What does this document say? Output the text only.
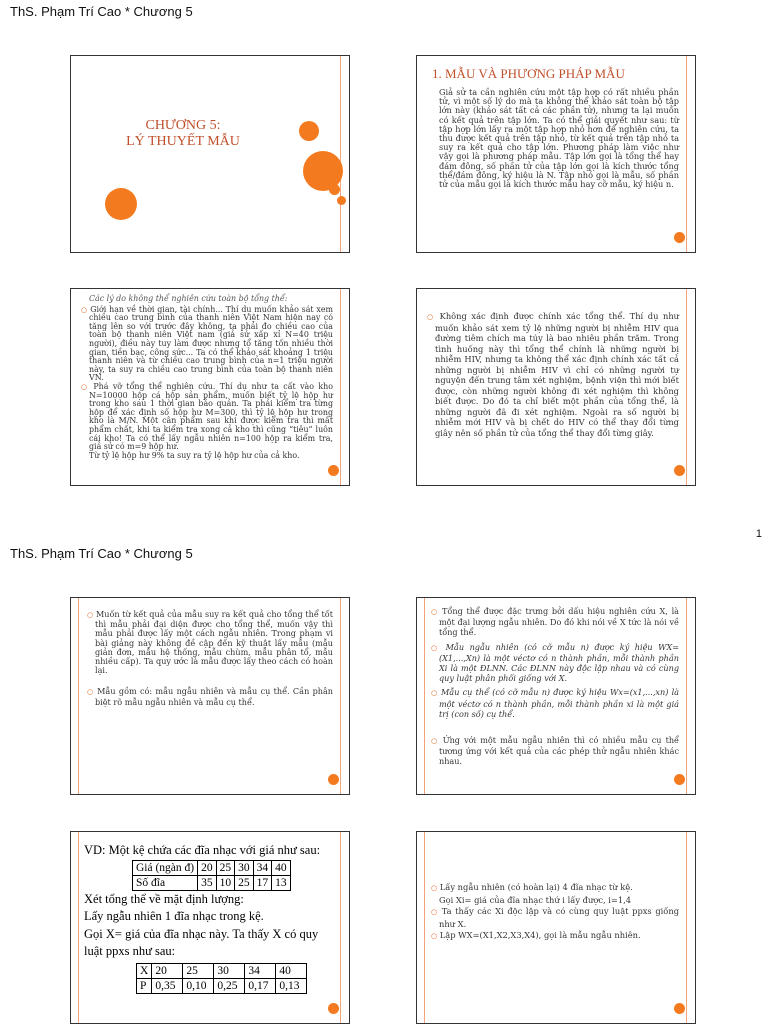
ThS. Phạm Trí Cao * Chương 5
CHƯƠNG 5:
LÝ THUYẾT MẪU
1. MẪU VÀ PHƯƠNG PHÁP MẪU
Giả sử ta cần nghiên cứu một tập hợp có rất nhiều phần tử, vì một số lý do mà ta không thể khảo sát toàn bộ tập lớn này (khảo sát tất cả các phần tử), nhưng ta lại muốn có kết quả trên tập lớn. Ta có thể giải quyết như sau: từ tập hợp lớn lấy ra một tập hợp nhỏ hơn để nghiên cứu, ta thu được kết quả trên tập nhỏ, từ kết quả trên tập nhỏ ta suy ra kết quả cho tập lớn. Phương pháp làm việc như vậy gọi là phương pháp mẫu. Tập lớn gọi là tổng thể hay đám đông, số phần tử của tập lớn gọi là kích thước tổng thể/đám đông, ký hiệu là N. Tập nhỏ gọi là mẫu, số phần tử của mẫu gọi là kích thước mẫu hay cỡ mẫu, ký hiệu n.

Các lý do không thể nghiên cứu toàn bộ tổng thể:

○ Giới hạn về thời gian, tài chính... Thí dụ muốn khảo sát xem chiều cao trung bình của thanh niên Việt Nam hiện nay có tăng lên so với trước đây không, ta phải đo chiều cao của toàn bộ thanh niên Việt nam (giả sử xấp xỉ N=40 triệu người), điều này tuy làm được nhưng tổ tăng tốn nhiều thời gian, tiền bạc, công sức... Ta có thể khảo sát khoảng 1 triệu thanh niên và từ chiều cao trung bình của n=1 triệu người này, ta suy ra chiều cao trung bình của toàn bộ thanh niên VN.

○ Phá vỡ tổng thể nghiên cứu. Thí dụ như ta cất vào kho N=10000 hộp cá hộp sản phẩm, muốn biết tỷ lệ hộp hư trong kho sau 1 thời gian bảo quản. Ta phải kiểm tra từng hộp để xác định số hộp hư M=300, thì tỷ lệ hộp hư trong kho là M/N. Một cân phẩm sau khi được kiểm tra thì mất phẩm chất, khi ta kiểm tra xong cả kho thì cũng “tiêu” luôn cái kho! Ta có thể lấy ngẫu nhiên n=100 hộp ra kiểm tra, giả sử có m=9 hộp hư.

Từ tỷ lệ hộp hư 9% ta suy ra tỷ lệ hộp hư của cả kho.

○ Không xác định được chính xác tổng thể. Thí dụ như muốn khảo sát xem tỷ lệ những người bị nhiễm HIV qua đường tiêm chích ma túy là bao nhiêu phần trăm. Trong tình huống này thì tổng thể chính là những người bị nhiễm HIV, nhưng ta không thể xác định chính xác tất cả những người bị nhiễm HIV vì chỉ có những người tự nguyện đến trung tâm xét nghiệm, bệnh viện thì mới biết được, còn những người không đi xét nghiệm thì không biết được. Do đó ta chỉ biết một phần của tổng thể, là những người đã đi xét nghiệm. Ngoài ra số người bị nhiễm mới HIV và bị chết do HIV có thể thay đổi từng giây nên số phần tử của tổng thể thay đổi từng giây.

1
ThS. Phạm Trí Cao * Chương 5

○ Muốn từ kết quả của mẫu suy ra kết quả cho tổng thể tốt thì mẫu phải đại diện được cho tổng thể, muốn vậy thì mẫu phải được lấy một cách ngẫu nhiên. Trong phạm vi bài giảng này không đề cập đến kỹ thuật lấy mẫu (mẫu giản đơn, mẫu hệ thống, mẫu chùm, mẫu phân tổ, mẫu nhiều cấp). Ta quy ước là mẫu được lấy theo cách có hoàn lại.

○ Mẫu gồm có: mẫu ngẫu nhiên và mẫu cụ thể. Cần phân biệt rõ mẫu ngẫu nhiên và mẫu cụ thể.

○ Tổng thể được đặc trưng bởi dấu hiệu nghiên cứu X, là một đại lượng ngẫu nhiên. Do đó khi nói về X tức là nói về tổng thể.

○ Mẫu ngẫu nhiên (có cỡ mẫu n) được ký hiệu WX=(X1,...,Xn) là một véctơ có n thành phần, mỗi thành phần Xi là một ĐLNN. Các ĐLNN này độc lập nhau và có cùng quy luật phân phối giống với X.

○ Mẫu cụ thể (có cỡ mẫu n) được ký hiệu Wx=(x1,...,xn) là một véctơ có n thành phần, mỗi thành phần xi là một giá trị (con số) cụ thể.

○ Ứng với một mẫu ngẫu nhiên thì có nhiều mẫu cụ thể tương ứng với kết quả của các phép thử ngẫu nhiên khác nhau.

VD: Một kệ chứa các đĩa nhạc với giá như sau:
Giá (ngàn đ)	20	25	30	34	40
Số đĩa	35	10	25	17	13
Xét tổng thể về mặt định lượng:
Lấy ngẫu nhiên 1 đĩa nhạc trong kệ.
Gọi X= giá của đĩa nhạc này. Ta thấy X có quy luật ppxs như sau:
X	20	25	30	34	40
P	0,35	0,10	0,25	0,17	0,13

○ Lấy ngẫu nhiên (có hoàn lại) 4 đĩa nhạc từ kệ.

Gọi Xi= giá của đĩa nhạc thứ i lấy được, i=1,4

○ Ta thấy các Xi độc lập và có cùng quy luật ppxs giống như X.

○ Lập WX=(X1,X2,X3,X4), gọi là mẫu ngẫu nhiên.
